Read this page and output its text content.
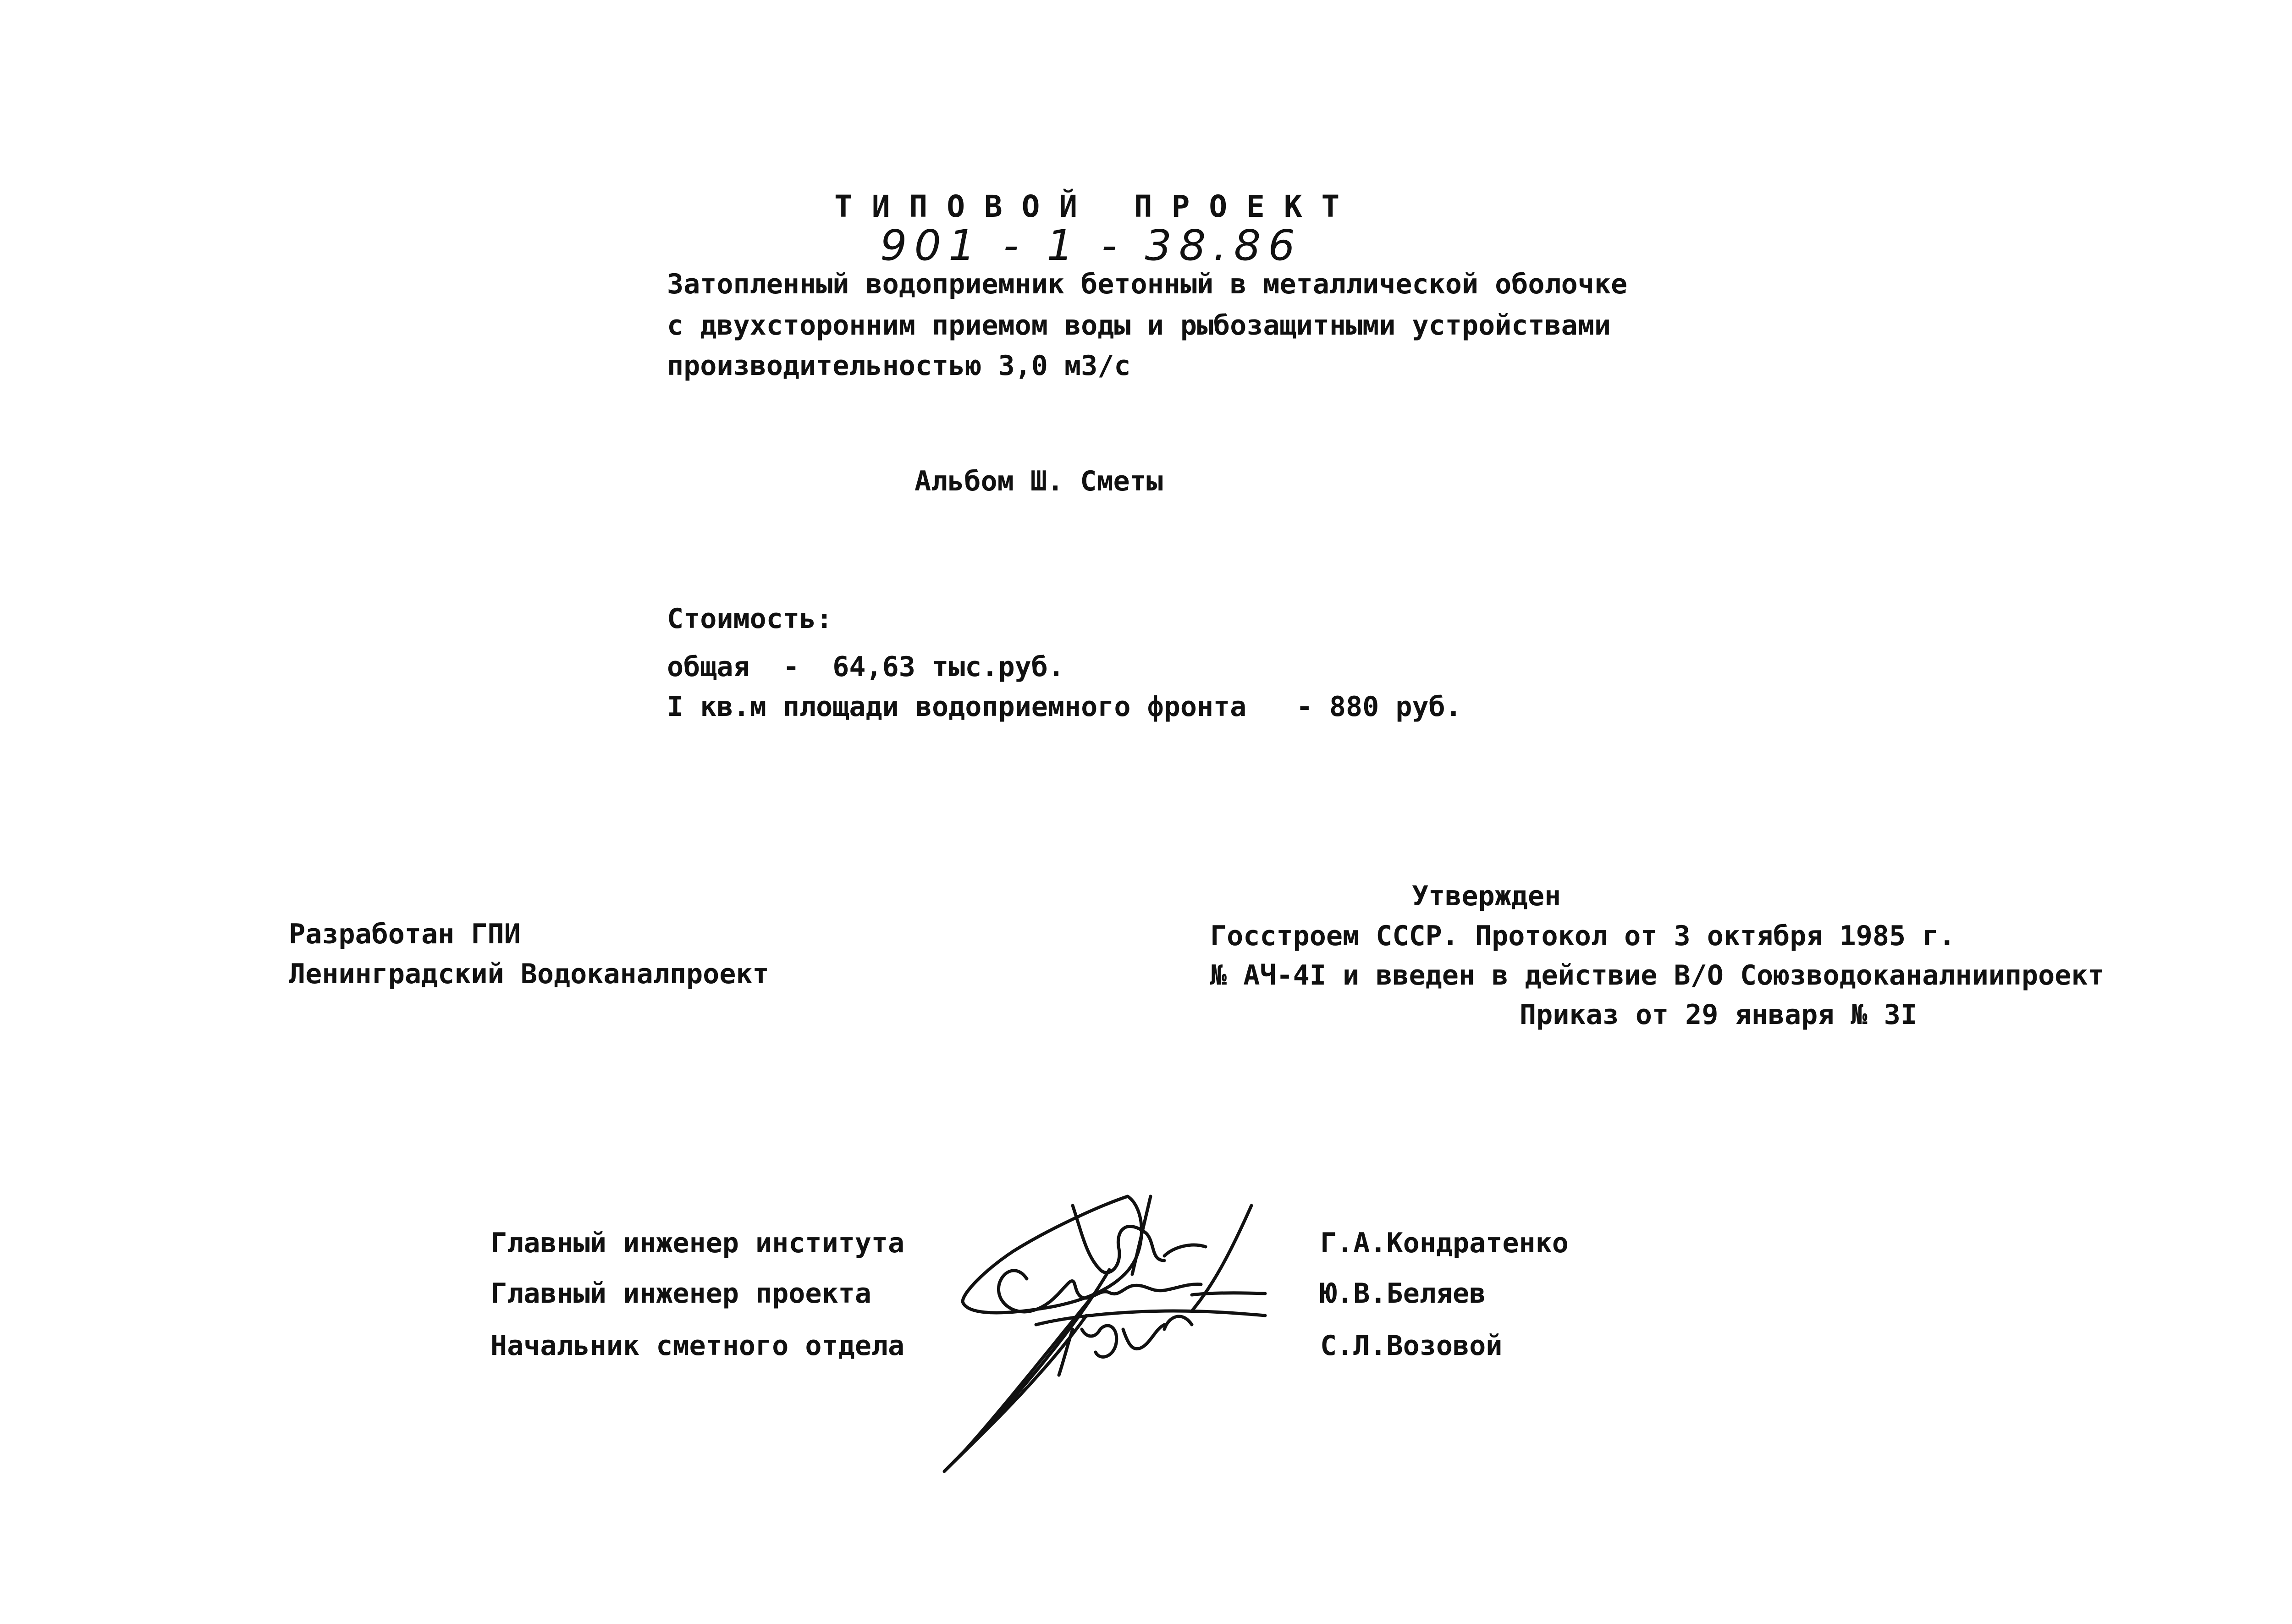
ТИПОВОЙ ПРОЕКТ
901 - 1 - 38.86
Затопленный водоприемник бетонный в металлической оболочке
с двухсторонним приемом воды и рыбозащитными устройствами
производительностью 3,0 м3/с
Альбом Ш. Сметы
Стоимость:
общая  -  64,63 тыс.руб.
I кв.м площади водоприемного фронта   - 880 руб.
Разработан ГПИ
Ленинградский Водоканалпроект
Утвержден
Госстроем СССР. Протокол от 3 октября 1985 г.
№ АЧ-4I и введен в действие В/О Союзводоканалниипроект
Приказ от 29 января № 3I
Главный инженер института
Главный инженер проекта
Начальник сметного отдела
Г.А.Кондратенко
Ю.В.Беляев
С.Л.Возовой
